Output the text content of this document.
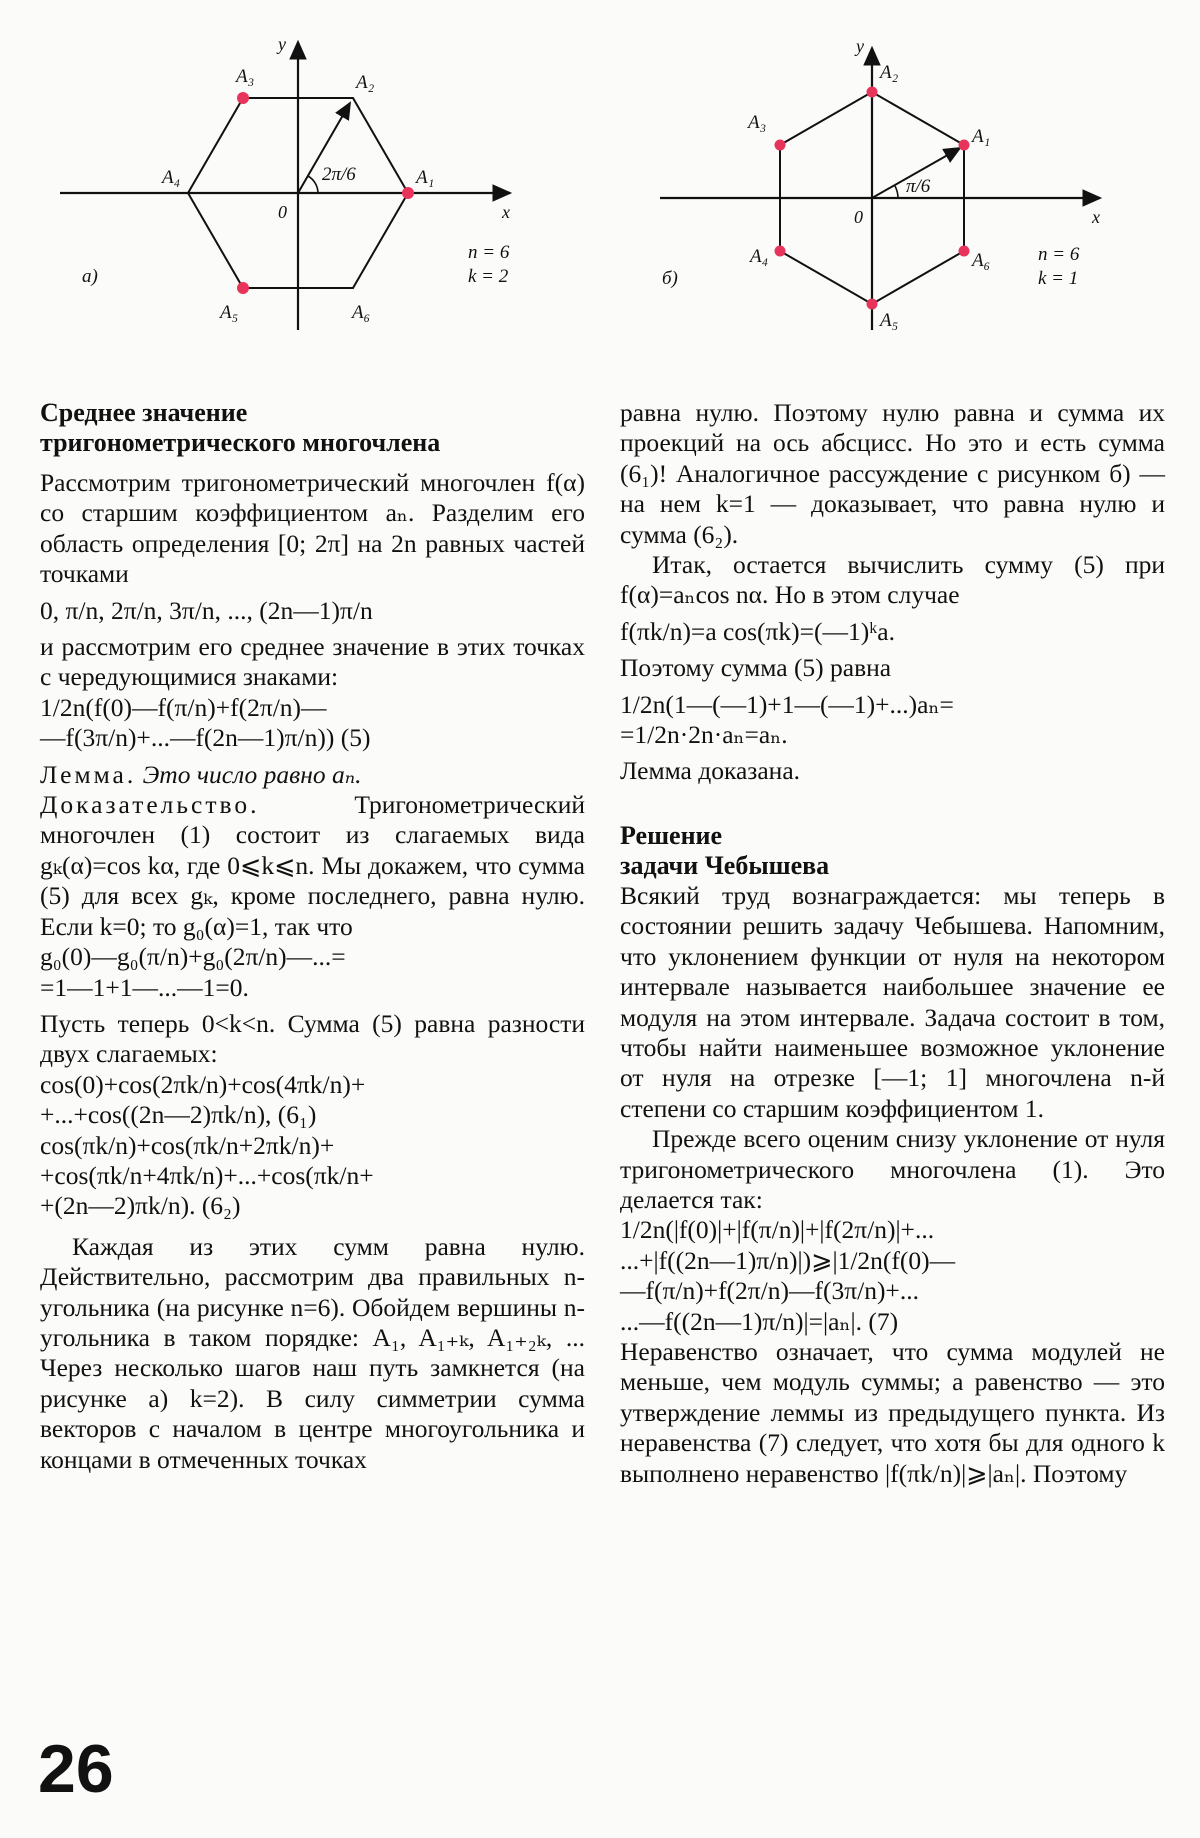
y
x
0
A₁
A₂
A₃
A₄
A₅	A₆
2π/6
n = 6
k = 2
а)
y
x
0
A₁
A₂
A₃
A₄
A₅
A₆
π/6
n = 6
k = 1
б)

Среднее значение

тригонометрического многочлена

Рассмотрим тригонометрический многочлен f(α) со старшим коэффициентом aₙ. Разделим его область определения [0; 2π] на 2n равных частей точками

0, π/n, 2π/n, 3π/n, ..., (2n—1)π/n

и рассмотрим его среднее значение в этих точках с чередующимися знаками:

1/2n(f(0)—f(π/n)+f(2π/n)—

—f(3π/n)+...—f(2n—1)π/n)) (5)

Лемма. Это число равно aₙ.

Доказательство. Тригонометрический многочлен (1) состоит из слагаемых вида gₖ(α)=cos kα, где 0⩽k⩽n. Мы докажем, что сумма (5) для всех gₖ, кроме последнего, равна нулю. Если k=0; то g₀(α)=1, так что

g₀(0)—g₀(π/n)+g₀(2π/n)—...=

=1—1+1—...—1=0.

Пусть теперь 0<k<n. Сумма (5) равна разности двух слагаемых:

cos(0)+cos(2πk/n)+cos(4πk/n)+

+...+cos((2n—2)πk/n), (6₁)

cos(πk/n)+cos(πk/n+2πk/n)+

+cos(πk/n+4πk/n)+...+cos(πk/n+

+(2n—2)πk/n). (6₂)

Каждая из этих сумм равна нулю. Действительно, рассмотрим два правильных n-угольника (на рисунке n=6). Обойдем вершины n-угольника в таком порядке: A₁, A₁₊ₖ, A₁₊₂ₖ, ... Через несколько шагов наш путь замкнется (на рисунке а) k=2). В силу симметрии сумма векторов с началом в центре многоугольника и концами в отмеченных точках

равна нулю. Поэтому нулю равна и сумма их проекций на ось абсцисс. Но это и есть сумма (6₁)! Аналогичное рассуждение с рисунком б) — на нем k=1 — доказывает, что равна нулю и сумма (6₂).

Итак, остается вычислить сумму (5) при f(α)=aₙcos nα. Но в этом случае

f(πk/n)=a cos(πk)=(—1)ᵏa.

Поэтому сумма (5) равна

1/2n(1—(—1)+1—(—1)+...)aₙ=

=1/2n·2n·aₙ=aₙ.

Лемма доказана.

Решение

задачи Чебышева

Всякий труд вознаграждается: мы теперь в состоянии решить задачу Чебышева. Напомним, что уклонением функции от нуля на некотором интервале называется наибольшее значение ее модуля на этом интервале. Задача состоит в том, чтобы найти наименьшее возможное уклонение от нуля на отрезке [—1; 1] многочлена n-й степени со старшим коэффициентом 1.

Прежде всего оценим снизу уклонение от нуля тригонометрического многочлена (1). Это делается так:

1/2n(|f(0)|+|f(π/n)|+|f(2π/n)|+...

...+|f((2n—1)π/n)|)⩾|1/2n(f(0)—

—f(π/n)+f(2π/n)—f(3π/n)+...

...—f((2n—1)π/n)|=|aₙ|. (7)

Неравенство означает, что сумма модулей не меньше, чем модуль суммы; а равенство — это утверждение леммы из предыдущего пункта. Из неравенства (7) следует, что хотя бы для одного k выполнено неравенство |f(πk/n)|⩾|aₙ|. Поэтому

26
